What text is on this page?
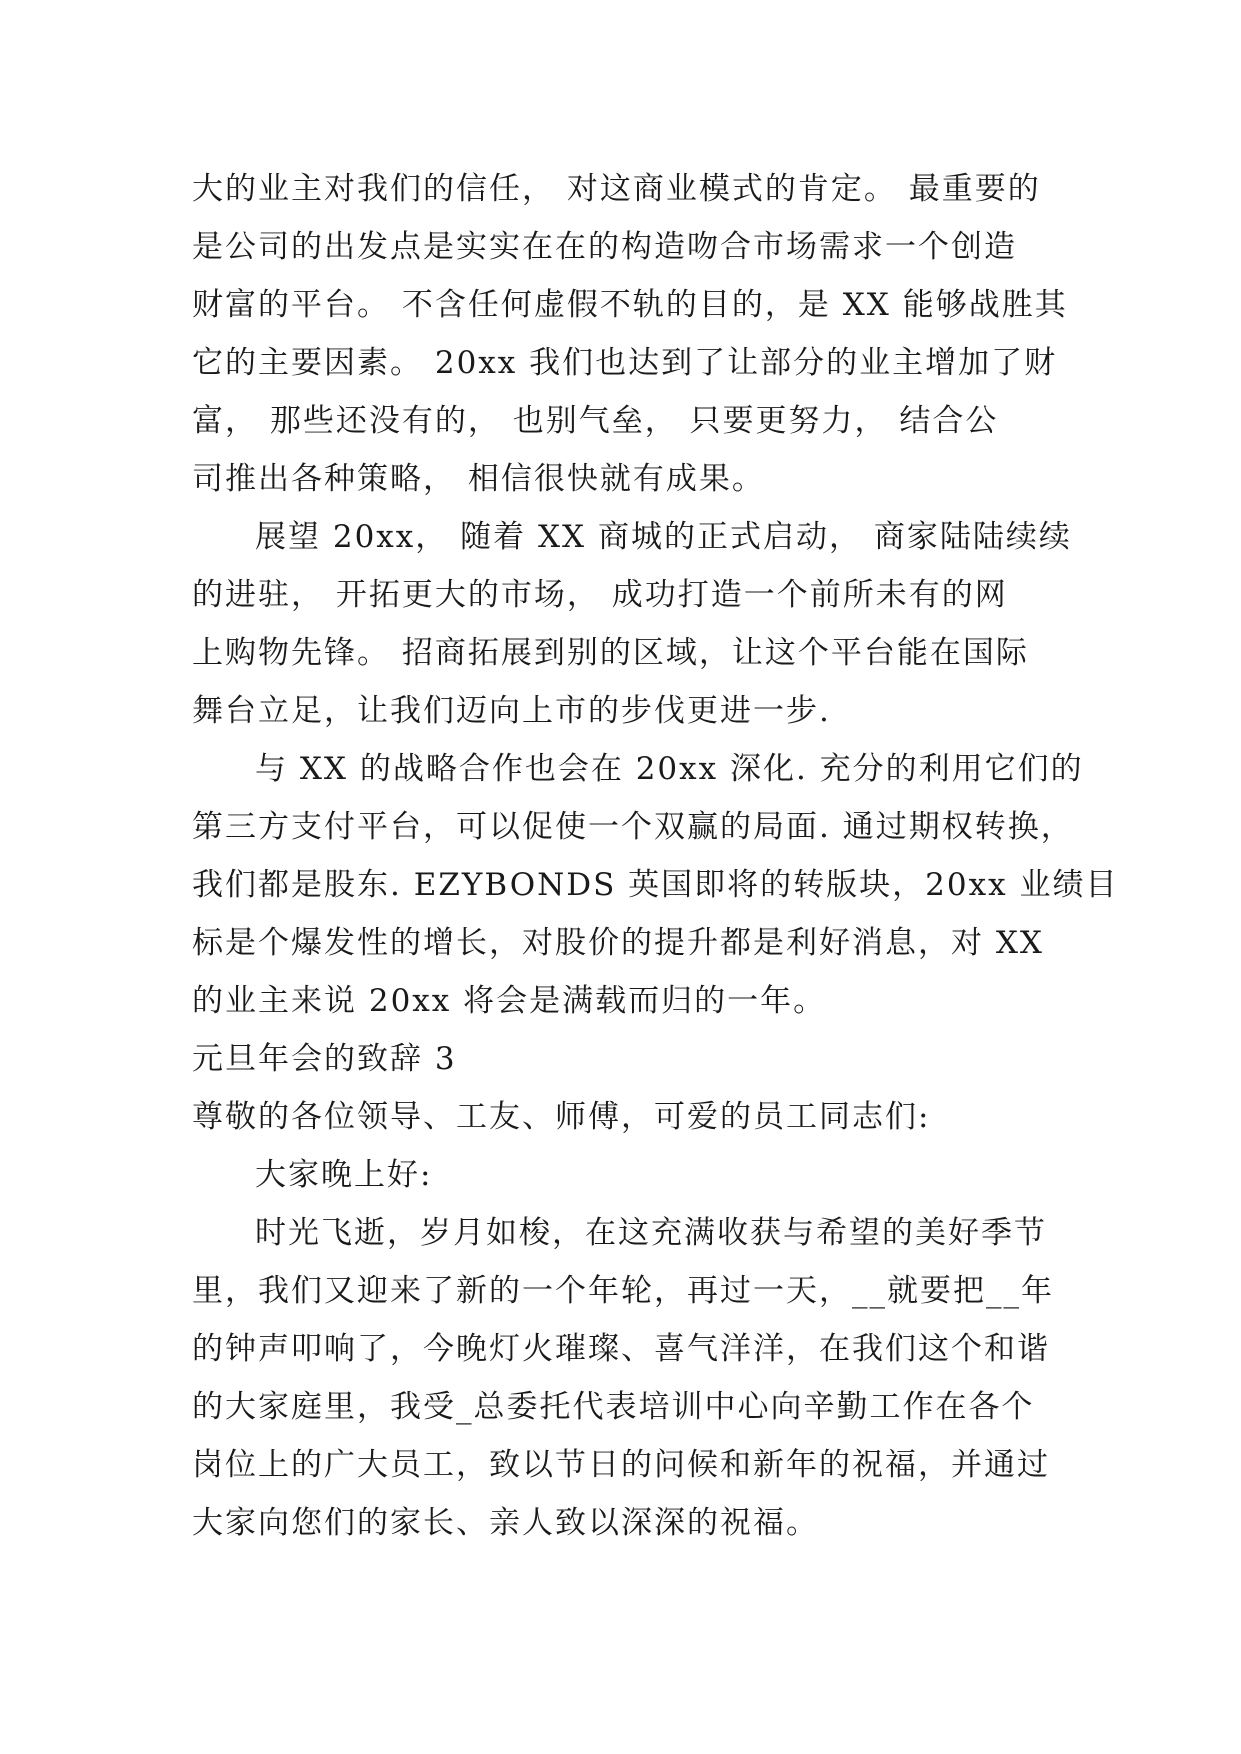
大的业主对我们的信任， 对这商业模式的肯定。 最重要的
是公司的出发点是实实在在的构造吻合市场需求一个创造
财富的平台。 不含任何虚假不轨的目的，是 XX 能够战胜其
它的主要因素。 20xx 我们也达到了让部分的业主增加了财
富， 那些还没有的， 也别气垒， 只要更努力， 结合公
司推出各种策略， 相信很快就有成果。
展望 20xx， 随着 XX 商城的正式启动， 商家陆陆续续
的进驻， 开拓更大的市场， 成功打造一个前所未有的网
上购物先锋。 招商拓展到别的区域，让这个平台能在国际
舞台立足，让我们迈向上市的步伐更进一步.
与 XX 的战略合作也会在 20xx 深化. 充分的利用它们的
第三方支付平台，可以促使一个双赢的局面. 通过期权转换，
我们都是股东. EZYBONDS 英国即将的转版块，20xx 业绩目
标是个爆发性的增长，对股价的提升都是利好消息，对 XX
的业主来说 20xx 将会是满载而归的一年。
元旦年会的致辞 3
尊敬的各位领导、工友、师傅，可爱的员工同志们:
大家晚上好:
时光飞逝，岁月如梭，在这充满收获与希望的美好季节
里，我们又迎来了新的一个年轮，再过一天，__就要把__年
的钟声叩响了，今晚灯火璀璨、喜气洋洋，在我们这个和谐
的大家庭里，我受_总委托代表培训中心向辛勤工作在各个
岗位上的广大员工，致以节日的问候和新年的祝福，并通过
大家向您们的家长、亲人致以深深的祝福。
